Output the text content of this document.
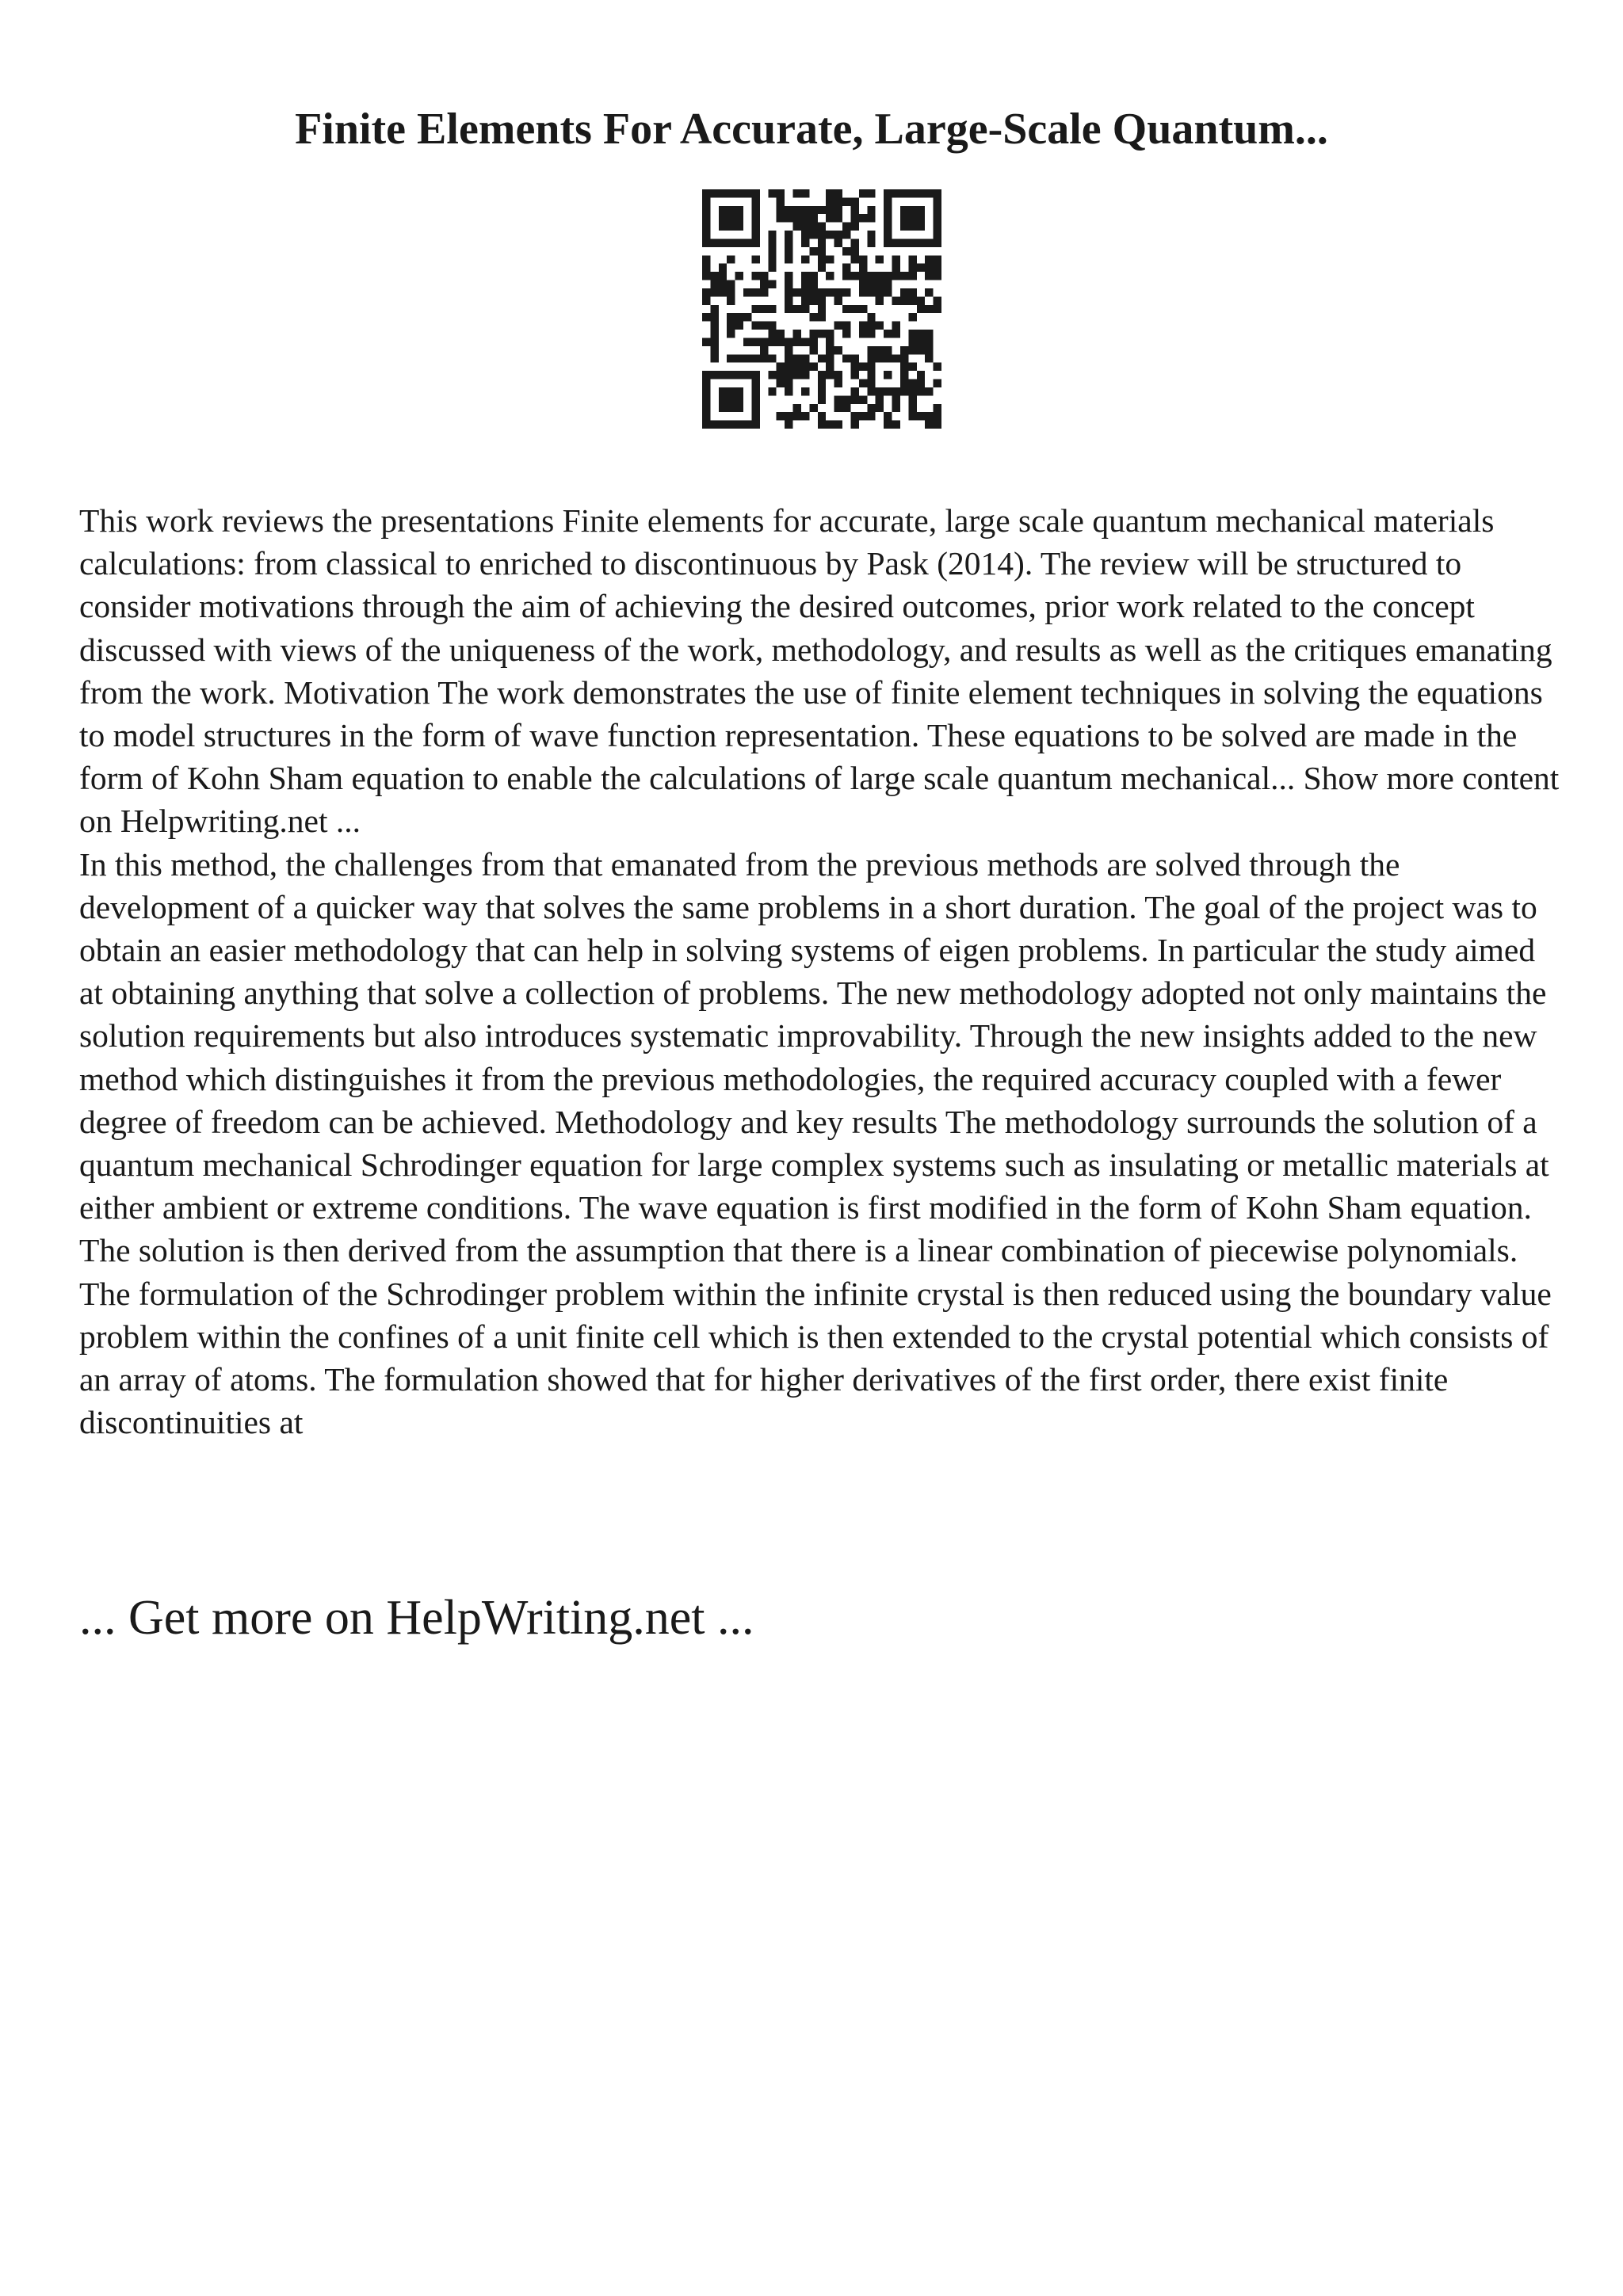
Finite Elements For Accurate, Large-Scale Quantum...

This work reviews the presentations Finite elements for accurate, large scale quantum mechanical materials calculations: from classical to enriched to discontinuous by Pask (2014). The review will be structured to consider motivations through the aim of achieving the desired outcomes, prior work related to the concept discussed with views of the uniqueness of the work, methodology, and results as well as the critiques emanating from the work. Motivation The work demonstrates the use of finite element techniques in solving the equations to model structures in the form of wave function representation. These equations to be solved are made in the form of Kohn Sham equation to enable the calculations of large scale quantum mechanical... Show more content on Helpwriting.net ...

In this method, the challenges from that emanated from the previous methods are solved through the development of a quicker way that solves the same problems in a short duration. The goal of the project was to obtain an easier methodology that can help in solving systems of eigen problems. In particular the study aimed at obtaining anything that solve a collection of problems. The new methodology adopted not only maintains the solution requirements but also introduces systematic improvability. Through the new insights added to the new method which distinguishes it from the previous methodologies, the required accuracy coupled with a fewer degree of freedom can be achieved. Methodology and key results The methodology surrounds the solution of a quantum mechanical Schrodinger equation for large complex systems such as insulating or metallic materials at either ambient or extreme conditions. The wave equation is first modified in the form of Kohn Sham equation. The solution is then derived from the assumption that there is a linear combination of piecewise polynomials. The formulation of the Schrodinger problem within the infinite crystal is then reduced using the boundary value problem within the confines of a unit finite cell which is then extended to the crystal potential which consists of an array of atoms. The formulation showed that for higher derivatives of the first order, there exist finite discontinuities at

... Get more on HelpWriting.net ...
